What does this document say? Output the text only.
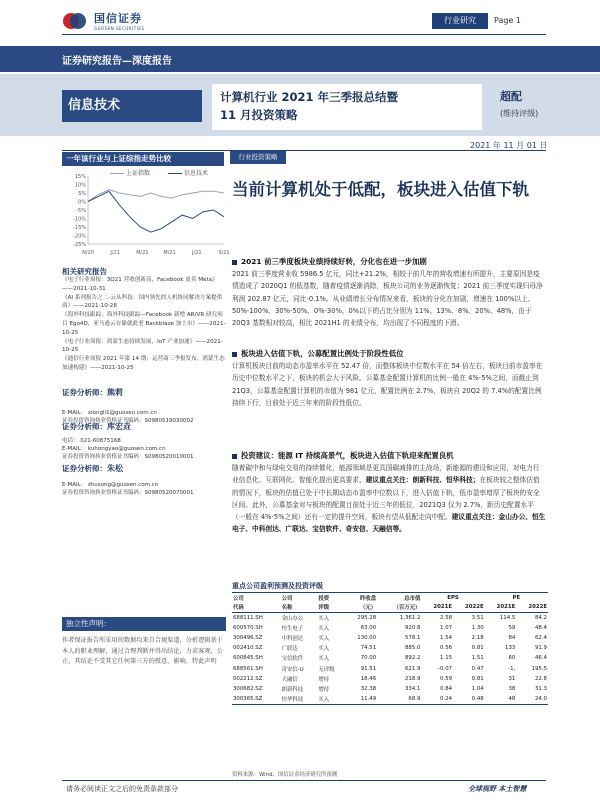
国信证券
GUOSEN SECURITIES
行业研究	Page 1
证券研究报告—深度报告
信息技术
计算机行业 2021 年三季报总结暨
11 月投资策略
超配
(维持评级)
2021 年 11 月 01 日
一年该行业与上证综指走势比较
上证指数	信息技术
15%
10%
5%
0%
-5%
-10%
-15%
-20%
-25%
N/20	J/21	M/21	M/21	J/21	S/21
相关研究报告
《电子行业周报：3Q21 营收创新高，Facebook 更名 Meta》 ——2021-10-31
《AI 系列报告之二-云从科技：国内领先的人机协同解决方案提供商》——2021-10-28
《海外科技跟踪：海外科技跟踪—Facebook 新增 AR/VR 研究项目 Ego4D，亚马逊云存储就此老 Backblaze 加上市》——2021-10-25
《电子行业周报：鸿蒙生态持续发展，IoT 产业加速》——2021-10-25
《通信行业周报 2021 年第 14 期：运营商三季报发布，鸿蒙生态加速构建》——2021-10-25
证券分析师：熊莉
E-MAIL： xiongli1@guosen.com.cn
证券投资咨询执业资格证书编码：S0980519030002
证券分析师：库宏垚
电话： 021-60875168
E-MAIL： kuhongyao@guosen.com.cn
证券投资咨询执业资格证书编码：S0980520010001
证券分析师：朱松
E-MAIL： zhusong@guosen.com.cn
证券投资咨询执业资格证书编码：S0980520070001
独立性声明：
作者保证报告所采用的数据均来自合规渠道，分析逻辑基于本人的职业理解，通过合理判断并得出结论，力求客观、公正，其结论不受其它任何第三方的授意、影响，特此声明
行业投资策略
当前计算机处于低配，板块进入估值下轨
2021 前三季度板块业绩持续好转，分化也在进一步加剧
2021 前三季度营业收 5986.5 亿元，同比+21.2%，相较于前几年的营收增速有所提升，主要原因是疫情造成了 2020Q1 的低基数，随着疫情逐渐消除，板块公司的业务逐渐恢复；2021 前三季度实现归母净利润 202.87 亿元，同比-0.1%。从业绩增长分布情况来看，板块的分化在加剧，增速在 100%以上、50%-100%、30%-50%、0%-30%、0%以下的占比分别为 11%、13%、8%、20%、48%，由于 20Q3 基数相对较高，相比 2021H1 的业绩分布，均出现了不同程度的下滑。
板块进入估值下轨，公募配置比例处于阶段性低位
计算机板块目前的动态市盈率水平在 52.47 倍，而整体板块中位数水平在 54 倍左右，板块目前市盈率在历史中位数水平之下，板块的机会大于风险。公募基金配置计算机的比例一般在 4%-5%之间，而截止到 21Q3，公募基金配置计算机的市值为 981 亿元，配置比例在 2.7%，板块自 20Q2 的 7.4%的配置比例持续下行，目前处于近三年来的阶段性低位。
投资建议：能源 IT 持续高景气，板块进入估值下轨迎来配置良机
随着碳中和与绿电交易的持续催化，能源领域是更具国碳减排的主战场，新能源的建设和应用，对电力行业信息化、互联网化、智能化提出更高要求，建议重点关注：朗新科技、恒华科技；在板块较之整体估值的情况下，板块的估值已处于中长期动态市盈率中位数以下，进入估值下轨，低市盈率增厚了板块的安全区间。此外，公募基金对与板块的配置目前处于近三年的低位，2021Q3 仅为 2.7%，距历史配置水平（一般在 4%-5%之间）还有一定的提升空间，板块有望从低配走向中配。建议重点关注：金山办公、恒生电子、中科创达、广联达、宝信软件、奇安信、天融信等。
重点公司盈利预测及投资评级
公司	公司	投资	昨收盘	总市值	EPS		PE	
代码	名称	评级	（元）	（百万元）	2021E	2022E	2021E	2022E
688111.SH	金山办公	买入	295.28	1,361.2	2.58	3.51	114.5	84.2
600570.SH	恒生电子	买入	63.00	920.8	1.07	1.30	59	48.4
300496.SZ	中科创达	买入	130.00	578.1	1.54	2.18	84	62.4
002410.SZ	广联达	买入	74.51	885.0	0.56	0.81	133	91.9
600845.SH	宝信软件	买入	70.00	892.2	1.15	1.51	60	46.4
688561.SH	奇安信-U	无评级	91.51	621.9	-0.07	0.47	-1,	195.5
002212.SZ	天融信	增持	18.46	218.9	0.59	0.81	31	22.8
300682.SZ	朗新科技	增持	32.38	334.1	0.84	1.04	38	31.3
300365.SZ	恒华科技	买入	11.49	68.9	0.24	0.48	48	24.0
资料来源：Wind、国信证券经济研究所预测
请务必阅读正文之后的免责条款部分	全球视野 本土智慧
